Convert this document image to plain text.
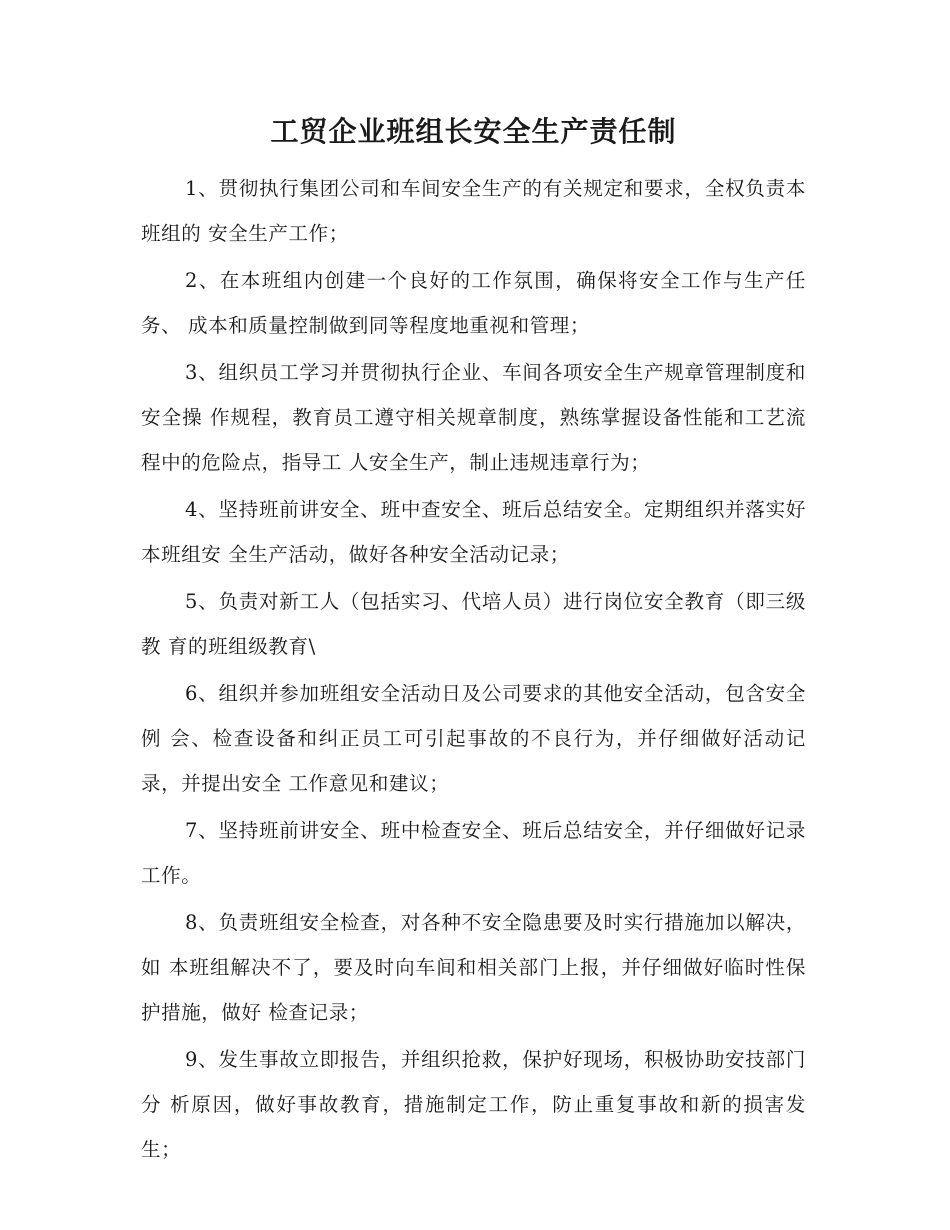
工贸企业班组长安全生产责任制

1、贯彻执行集团公司和车间安全生产的有关规定和要求，全权负责本班组的 安全生产工作；

2、在本班组内创建一个良好的工作氛围，确保将安全工作与生产任务、 成本和质量控制做到同等程度地重视和管理；

3、组织员工学习并贯彻执行企业、车间各项安全生产规章管理制度和安全操 作规程，教育员工遵守相关规章制度，熟练掌握设备性能和工艺流程中的危险点，指导工 人安全生产，制止违规违章行为；

4、坚持班前讲安全、班中查安全、班后总结安全。定期组织并落实好本班组安 全生产活动，做好各种安全活动记录；

5、负责对新工人（包括实习、代培人员）进行岗位安全教育（即三级教 育的班组级教育\

6、组织并参加班组安全活动日及公司要求的其他安全活动，包含安全例 会、检查设备和纠正员工可引起事故的不良行为，并仔细做好活动记录，并提出安全 工作意见和建议；

7、坚持班前讲安全、班中检查安全、班后总结安全，并仔细做好记录工作。

8、负责班组安全检查，对各种不安全隐患要及时实行措施加以解决，如 本班组解决不了，要及时向车间和相关部门上报，并仔细做好临时性保护措施，做好 检查记录；

9、发生事故立即报告，并组织抢救，保护好现场，积极协助安技部门分 析原因，做好事故教育，措施制定工作，防止重复事故和新的损害发生；
